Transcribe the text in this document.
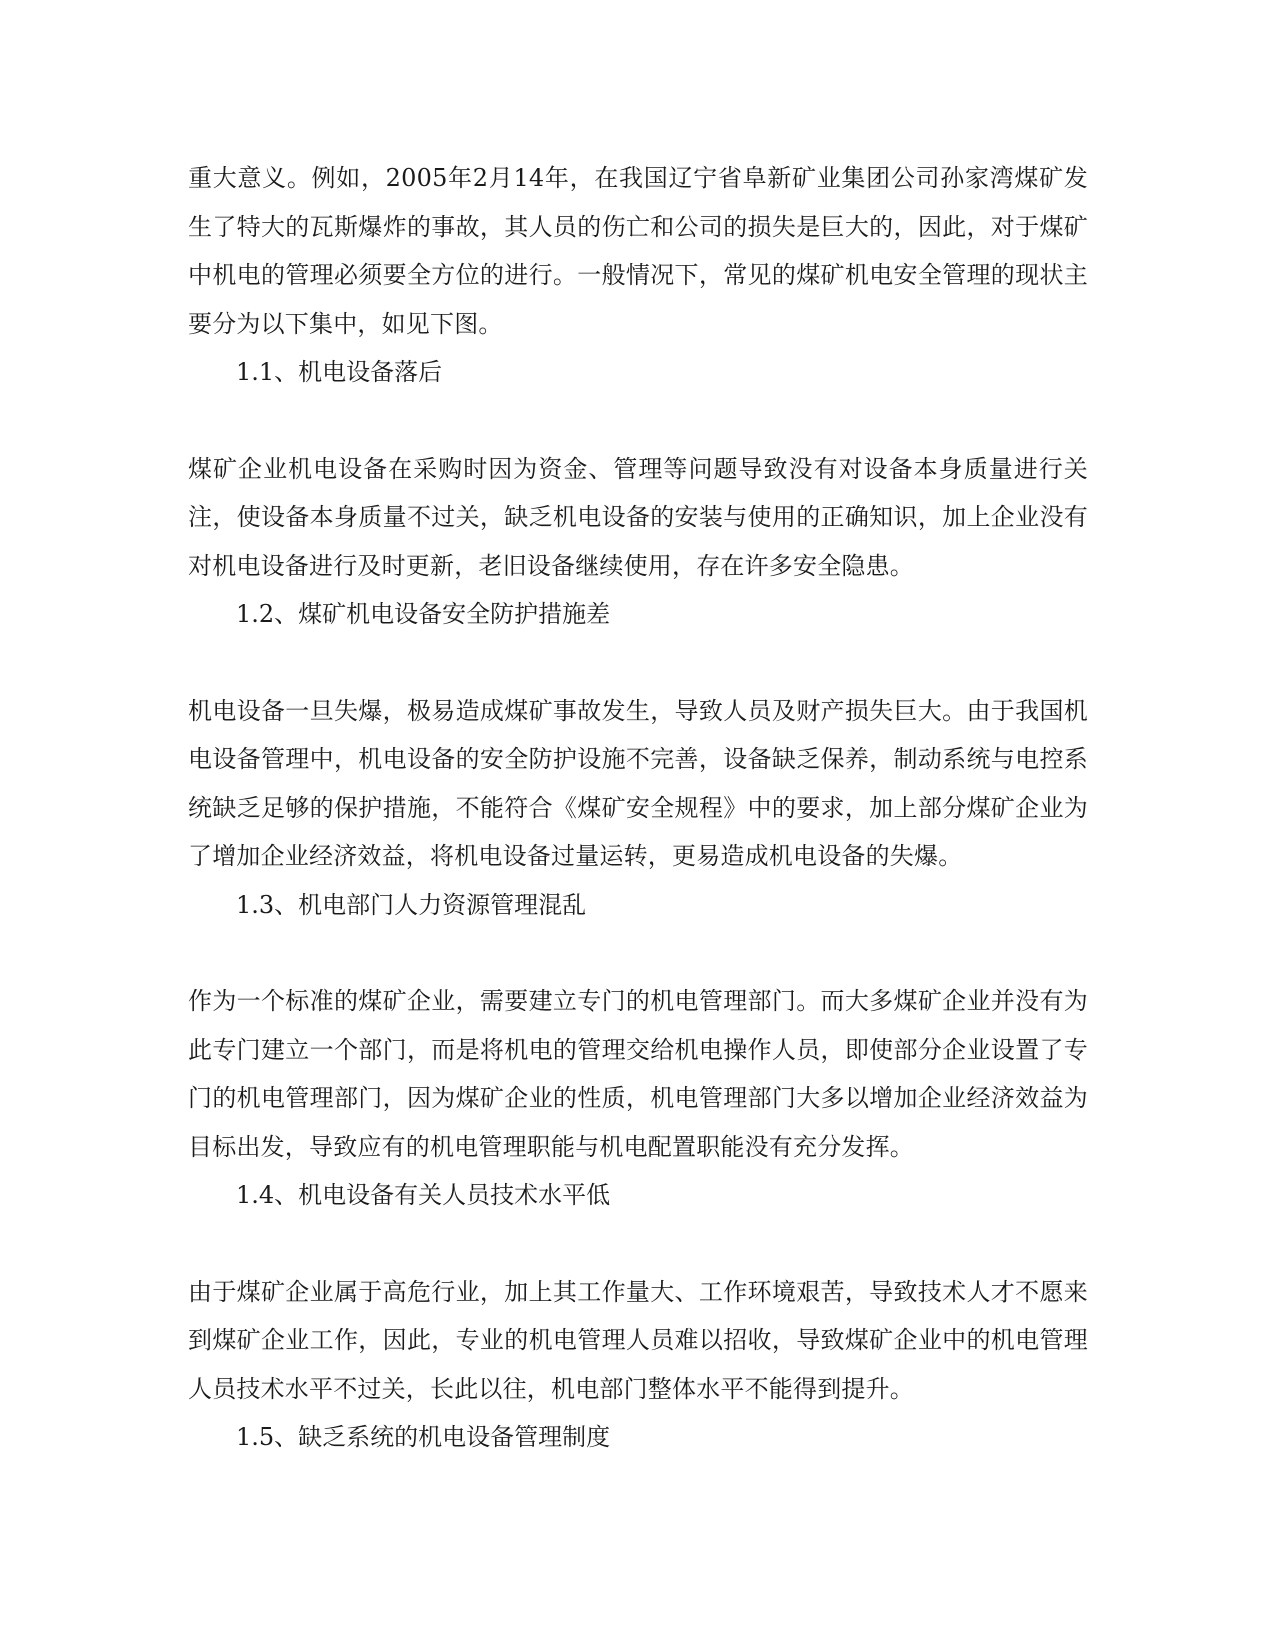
重大意义。例如，2005年2月14年，在我国辽宁省阜新矿业集团公司孙家湾煤矿发生了特大的瓦斯爆炸的事故，其人员的伤亡和公司的损失是巨大的，因此，对于煤矿中机电的管理必须要全方位的进行。一般情况下，常见的煤矿机电安全管理的现状主要分为以下集中，如见下图。

1.1、机电设备落后

煤矿企业机电设备在采购时因为资金、管理等问题导致没有对设备本身质量进行关注，使设备本身质量不过关，缺乏机电设备的安装与使用的正确知识，加上企业没有对机电设备进行及时更新，老旧设备继续使用，存在许多安全隐患。

1.2、煤矿机电设备安全防护措施差

机电设备一旦失爆，极易造成煤矿事故发生，导致人员及财产损失巨大。由于我国机电设备管理中，机电设备的安全防护设施不完善，设备缺乏保养，制动系统与电控系统缺乏足够的保护措施，不能符合《煤矿安全规程》中的要求，加上部分煤矿企业为了增加企业经济效益，将机电设备过量运转，更易造成机电设备的失爆。

1.3、机电部门人力资源管理混乱

作为一个标准的煤矿企业，需要建立专门的机电管理部门。而大多煤矿企业并没有为此专门建立一个部门，而是将机电的管理交给机电操作人员，即使部分企业设置了专门的机电管理部门，因为煤矿企业的性质，机电管理部门大多以增加企业经济效益为目标出发，导致应有的机电管理职能与机电配置职能没有充分发挥。

1.4、机电设备有关人员技术水平低

由于煤矿企业属于高危行业，加上其工作量大、工作环境艰苦，导致技术人才不愿来到煤矿企业工作，因此，专业的机电管理人员难以招收，导致煤矿企业中的机电管理人员技术水平不过关，长此以往，机电部门整体水平不能得到提升。

1.5、缺乏系统的机电设备管理制度
